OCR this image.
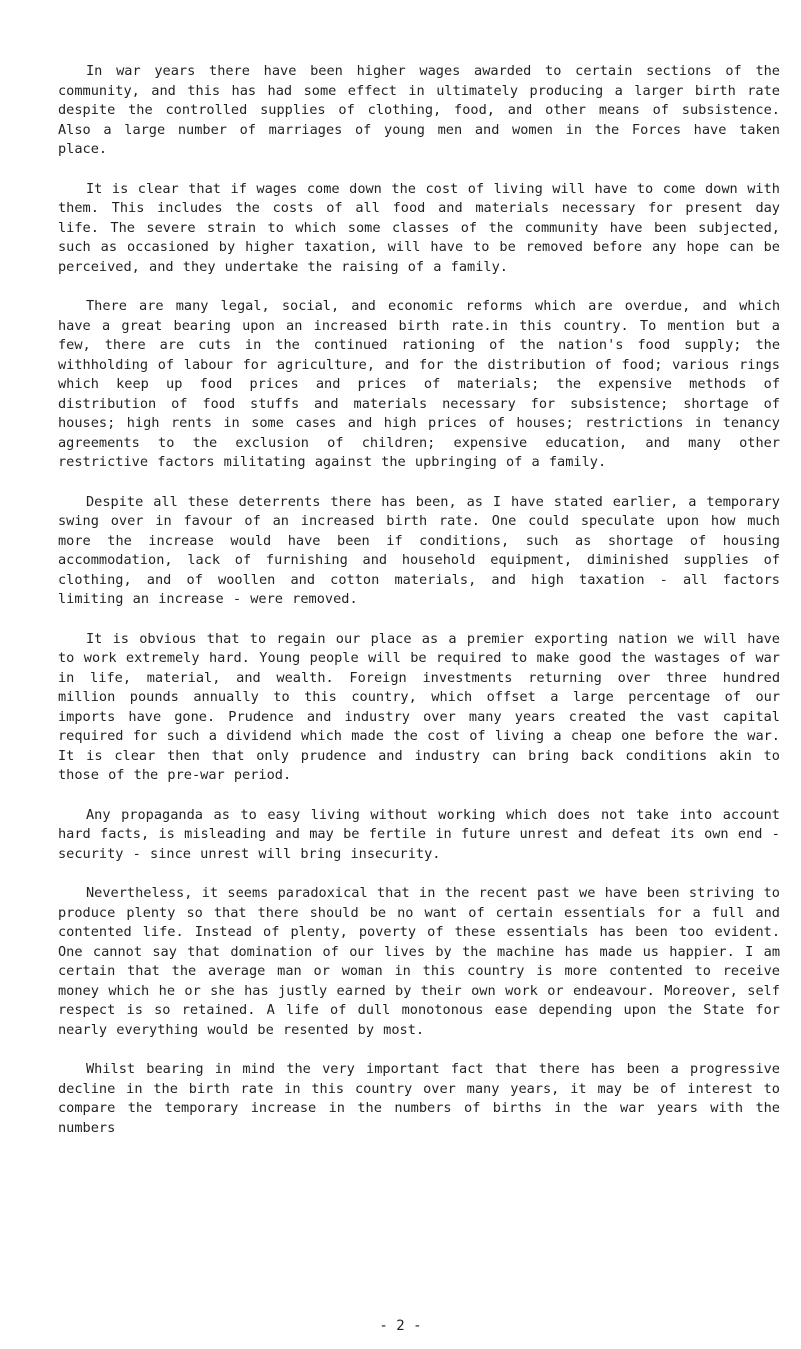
In war years there have been higher wages awarded to certain sections of the community, and this has had some effect in ultimately producing a larger birth rate despite the controlled supplies of clothing, food, and other means of subsistence. Also a large number of marriages of young men and women in the Forces have taken place.

It is clear that if wages come down the cost of living will have to come down with them. This includes the costs of all food and materials necessary for present day life. The severe strain to which some classes of the community have been subjected, such as occasioned by higher taxation, will have to be removed before any hope can be perceived, and they undertake the raising of a family.

There are many legal, social, and economic reforms which are overdue, and which have a great bearing upon an increased birth rate.in this country. To mention but a few, there are cuts in the continued rationing of the nation's food supply; the withholding of labour for agriculture, and for the distribution of food; various rings which keep up food prices and prices of materials; the expensive methods of distribution of food stuffs and materials necessary for subsistence; shortage of houses; high rents in some cases and high prices of houses; restrictions in tenancy agreements to the exclusion of children; expensive education, and many other restrictive factors militating against the upbringing of a family.

Despite all these deterrents there has been, as I have stated earlier, a temporary swing over in favour of an increased birth rate. One could speculate upon how much more the increase would have been if conditions, such as shortage of housing accommodation, lack of furnishing and household equipment, diminished supplies of clothing, and of woollen and cotton materials, and high taxation - all factors limiting an increase - were removed.

It is obvious that to regain our place as a premier exporting nation we will have to work extremely hard. Young people will be required to make good the wastages of war in life, material, and wealth. Foreign investments returning over three hundred million pounds annually to this country, which offset a large percentage of our imports have gone. Prudence and industry over many years created the vast capital required for such a dividend which made the cost of living a cheap one before the war. It is clear then that only prudence and industry can bring back conditions akin to those of the pre-war period.

Any propaganda as to easy living without working which does not take into account hard facts, is misleading and may be fertile in future unrest and defeat its own end - security - since unrest will bring insecurity.

Nevertheless, it seems paradoxical that in the recent past we have been striving to produce plenty so that there should be no want of certain essentials for a full and contented life. Instead of plenty, poverty of these essentials has been too evident. One cannot say that domination of our lives by the machine has made us happier. I am certain that the average man or woman in this country is more contented to receive money which he or she has justly earned by their own work or endeavour. Moreover, self respect is so retained. A life of dull monotonous ease depending upon the State for nearly everything would be resented by most.

Whilst bearing in mind the very important fact that there has been a progressive decline in the birth rate in this country over many years, it may be of interest to compare the temporary increase in the numbers of births in the war years with the numbers

- 2 -
